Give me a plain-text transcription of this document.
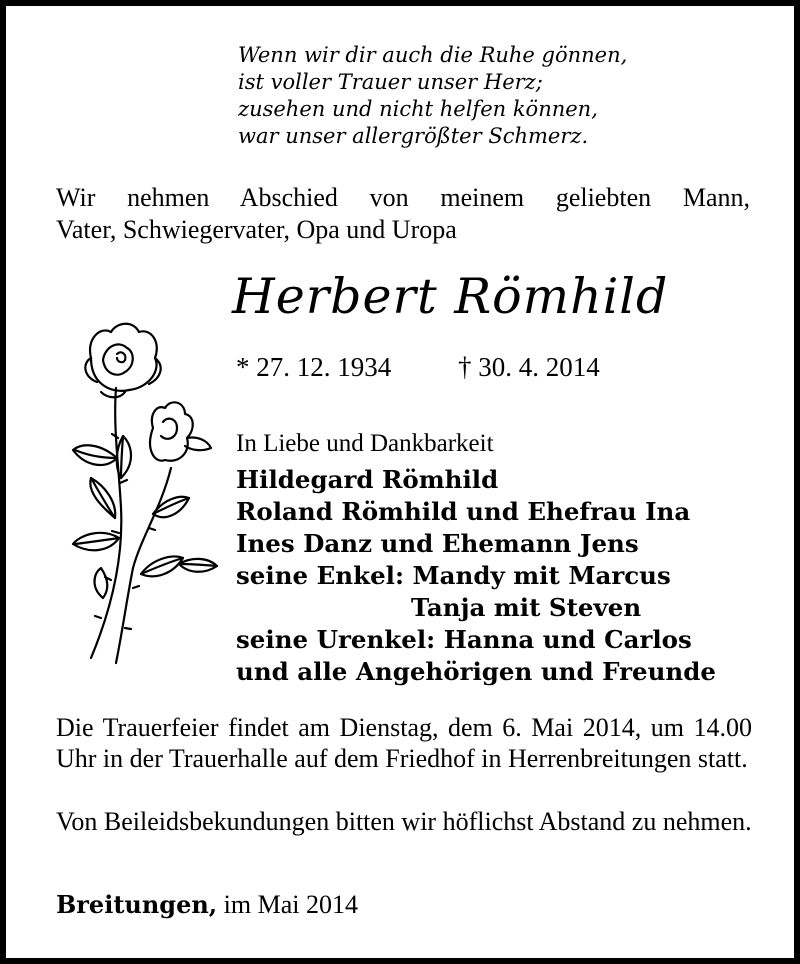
Wenn wir dir auch die Ruhe gönnen,
ist voller Trauer unser Herz;
zusehen und nicht helfen können,
war unser allergrößter Schmerz.
Wir nehmen Abschied von meinem geliebten Mann,
Vater, Schwiegervater, Opa und Uropa
Herbert Römhild
* 27. 12. 1934 † 30. 4. 2014
In Liebe und Dankbarkeit
Hildegard Römhild
Roland Römhild und Ehefrau Ina
Ines Danz und Ehemann Jens
seine Enkel: Mandy mit Marcus
Tanja mit Steven
seine Urenkel: Hanna und Carlos
und alle Angehörigen und Freunde
Die Trauerfeier findet am Dienstag, dem 6. Mai 2014, um 14.00 Uhr in der Trauerhalle auf dem Friedhof in Herrenbreitungen statt.
Von Beileidsbekundungen bitten wir höflichst Abstand zu nehmen.
Breitungen, im Mai 2014
